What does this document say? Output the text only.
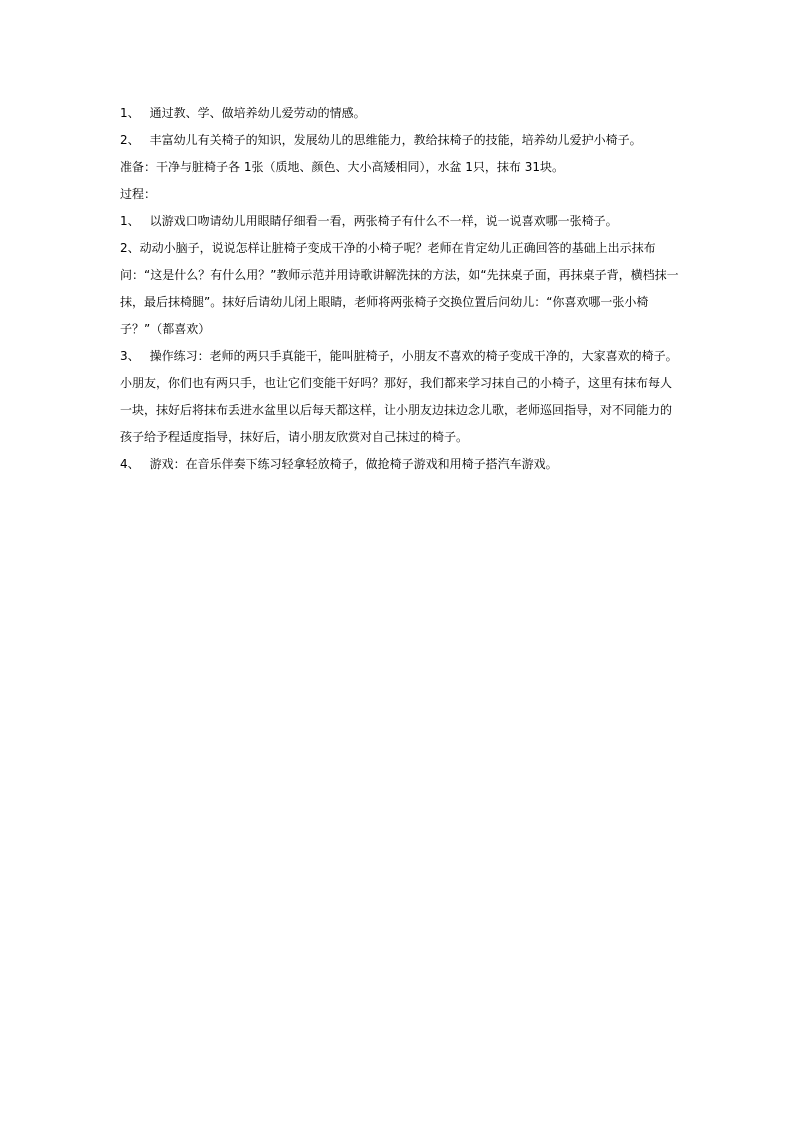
1、 通过教、学、做培养幼儿爱劳动的情感。

2、 丰富幼儿有关椅子的知识，发展幼儿的思维能力，教给抹椅子的技能，培养幼儿爱护小椅子。

准备：干净与脏椅子各 1张（质地、颜色、大小高矮相同），水盆 1只，抹布 31块。

过程：

1、 以游戏口吻请幼儿用眼睛仔细看一看，两张椅子有什么不一样，说一说喜欢哪一张椅子。

2、动动小脑子，说说怎样让脏椅子变成干净的小椅子呢？老师在肯定幼儿正确回答的基础上出示抹布问：“这是什么？有什么用？”教师示范并用诗歌讲解洗抹的方法，如“先抹桌子面，再抹桌子背，横档抹一抹，最后抹椅腿”。抹好后请幼儿闭上眼睛，老师将两张椅子交换位置后问幼儿：“你喜欢哪一张小椅子？”（都喜欢）

3、 操作练习：老师的两只手真能干，能叫脏椅子，小朋友不喜欢的椅子变成干净的，大家喜欢的椅子。小朋友，你们也有两只手，也让它们变能干好吗？那好，我们都来学习抹自己的小椅子，这里有抹布每人一块，抹好后将抹布丢进水盆里以后每天都这样，让小朋友边抹边念儿歌，老师巡回指导，对不同能力的孩子给予程适度指导，抹好后，请小朋友欣赏对自己抹过的椅子。

4、 游戏：在音乐伴奏下练习轻拿轻放椅子，做抢椅子游戏和用椅子搭汽车游戏。
